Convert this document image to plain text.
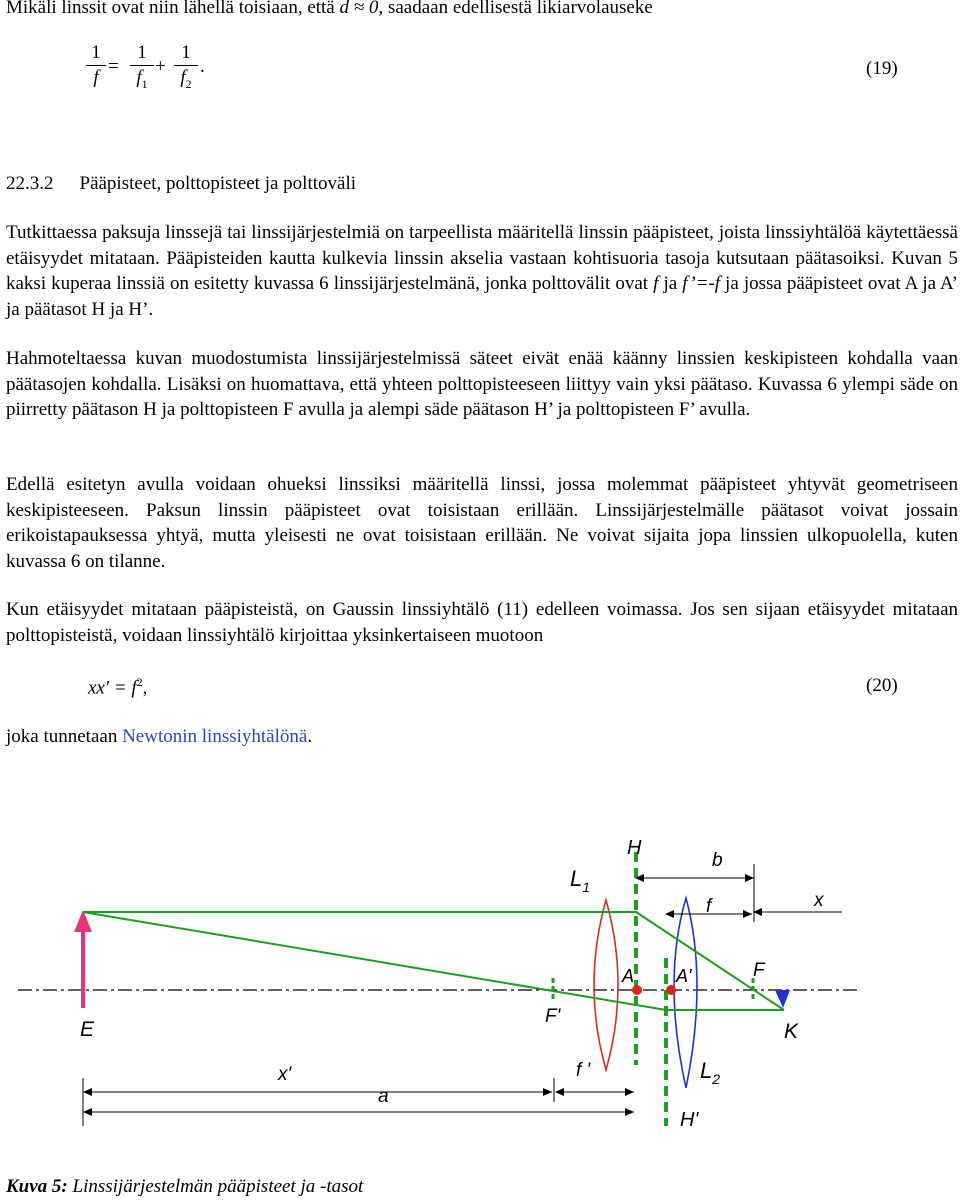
Mikäli linssit ovat niin lähellä toisiaan, että d ≈ 0, saadaan edellisestä likiarvolauseke
1
f
=
1
$f_1$
+
1
$f_2$
.	(19)
22.3.2 Pääpisteet, polttopisteet ja polttoväli
Tutkittaessa paksuja linssejä tai linssijärjestelmiä on tarpeellista määritellä linssin pääpisteet, joista linssiyhtälöä käytettäessä etäisyydet mitataan. Pääpisteiden kautta kulkevia linssin akselia vastaan kohtisuoria tasoja kutsutaan päätasoiksi. Kuvan 5 kaksi kuperaa linssiä on esitetty kuvassa 6 linssijärjestelmänä, jonka polttovälit ovat f ja f’=-f ja jossa pääpisteet ovat A ja A’ ja päätasot H ja H’.
Hahmoteltaessa kuvan muodostumista linssijärjestelmissä säteet eivät enää käänny linssien keskipisteen kohdalla vaan päätasojen kohdalla. Lisäksi on huomattava, että yhteen polttopisteeseen liittyy vain yksi päätaso. Kuvassa 6 ylempi säde on piirretty päätason H ja polttopisteen F avulla ja alempi säde päätason H’ ja polttopisteen F’ avulla.
Edellä esitetyn avulla voidaan ohueksi linssiksi määritellä linssi, jossa molemmat pääpisteet yhtyvät geometriseen keskipisteeseen. Paksun linssin pääpisteet ovat toisistaan erillään. Linssijärjestelmälle päätasot voivat jossain erikoistapauksessa yhtyä, mutta yleisesti ne ovat toisistaan erillään. Ne voivat sijaita jopa linssien ulkopuolella, kuten kuvassa 6 on tilanne.
Kun etäisyydet mitataan pääpisteistä, on Gaussin linssiyhtälö (11) edelleen voimassa. Jos sen sijaan etäisyydet mitataan polttopisteistä, voidaan linssiyhtälö kirjoittaa yksinkertaiseen muotoon
$xx' = f^2$,	(20)
joka tunnetaan Newtonin linssiyhtälönä.
H
H'
$L_1$
$L_2$
b
f	x
F
F'
A A'
E	K
x'	f '
a
Kuva 5: Linssijärjestelmän pääpisteet ja -tasot
